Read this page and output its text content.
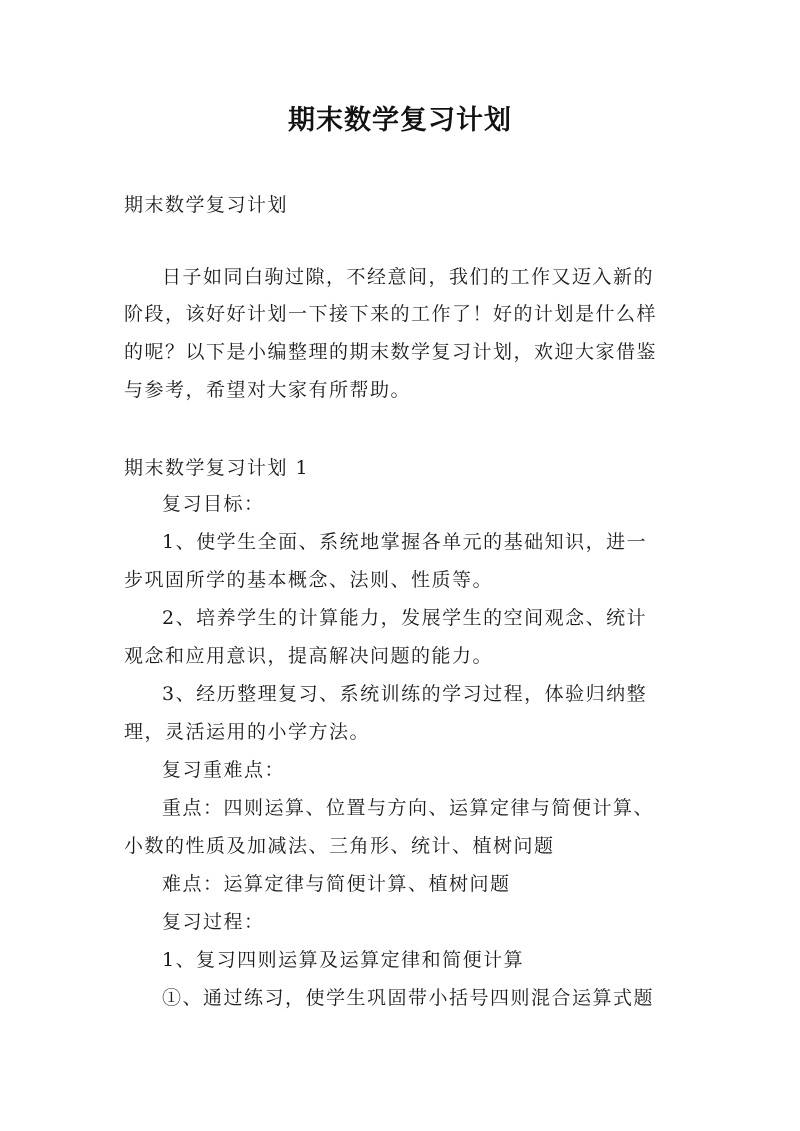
期末数学复习计划

期末数学复习计划

日子如同白驹过隙，不经意间，我们的工作又迈入新的

阶段，该好好计划一下接下来的工作了！好的计划是什么样

的呢？以下是小编整理的期末数学复习计划，欢迎大家借鉴

与参考，希望对大家有所帮助。

期末数学复习计划 1

复习目标：

1、使学生全面、系统地掌握各单元的基础知识，进一

步巩固所学的基本概念、法则、性质等。

2、培养学生的计算能力，发展学生的空间观念、统计

观念和应用意识，提高解决问题的能力。

3、经历整理复习、系统训练的学习过程，体验归纳整

理，灵活运用的小学方法。

复习重难点：

重点：四则运算、位置与方向、运算定律与简便计算、

小数的性质及加减法、三角形、统计、植树问题

难点：运算定律与简便计算、植树问题

复习过程：

1、复习四则运算及运算定律和简便计算

①、通过练习，使学生巩固带小括号四则混合运算式题
